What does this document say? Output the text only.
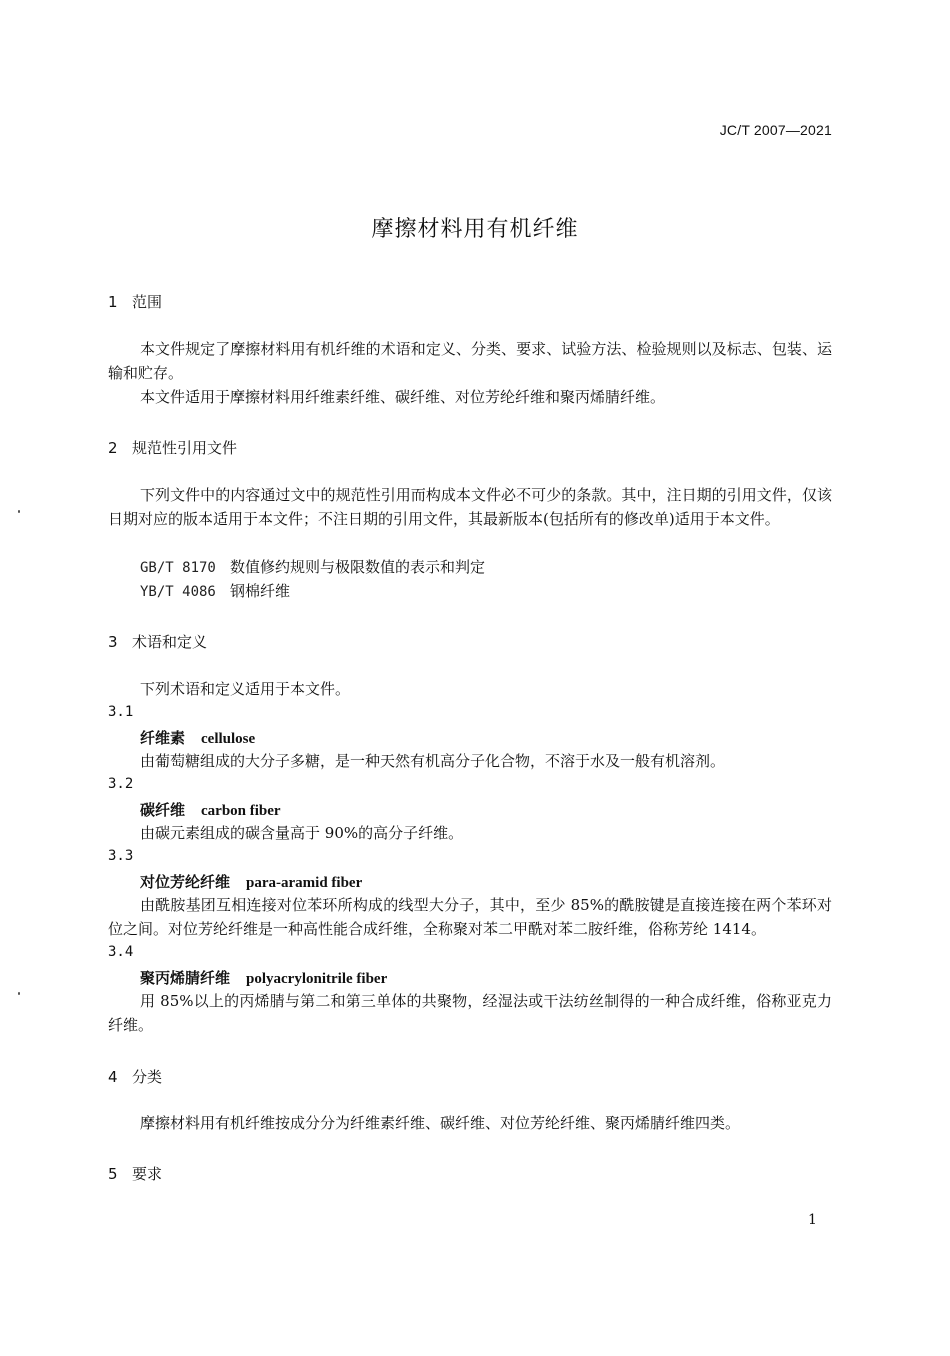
JC/T 2007—2021
摩擦材料用有机纤维
1 范围
本文件规定了摩擦材料用有机纤维的术语和定义、分类、要求、试验方法、检验规则以及标志、包装、运输和贮存。
本文件适用于摩擦材料用纤维素纤维、碳纤维、对位芳纶纤维和聚丙烯腈纤维。
2 规范性引用文件
下列文件中的内容通过文中的规范性引用而构成本文件必不可少的条款。其中，注日期的引用文件，仅该日期对应的版本适用于本文件；不注日期的引用文件，其最新版本(包括所有的修改单)适用于本文件。
GB/T 8170 数值修约规则与极限数值的表示和判定
YB/T 4086 钢棉纤维
3 术语和定义
下列术语和定义适用于本文件。
3.1
纤维素 cellulose
由葡萄糖组成的大分子多糖，是一种天然有机高分子化合物，不溶于水及一般有机溶剂。
3.2
碳纤维 carbon fiber
由碳元素组成的碳含量高于 90%的高分子纤维。
3.3
对位芳纶纤维 para-aramid fiber
由酰胺基团互相连接对位苯环所构成的线型大分子，其中，至少 85%的酰胺键是直接连接在两个苯环对位之间。对位芳纶纤维是一种高性能合成纤维，全称聚对苯二甲酰对苯二胺纤维，俗称芳纶 1414。
3.4
聚丙烯腈纤维 polyacrylonitrile fiber
用 85%以上的丙烯腈与第二和第三单体的共聚物，经湿法或干法纺丝制得的一种合成纤维，俗称亚克力纤维。
4 分类
摩擦材料用有机纤维按成分分为纤维素纤维、碳纤维、对位芳纶纤维、聚丙烯腈纤维四类。
5 要求
1
